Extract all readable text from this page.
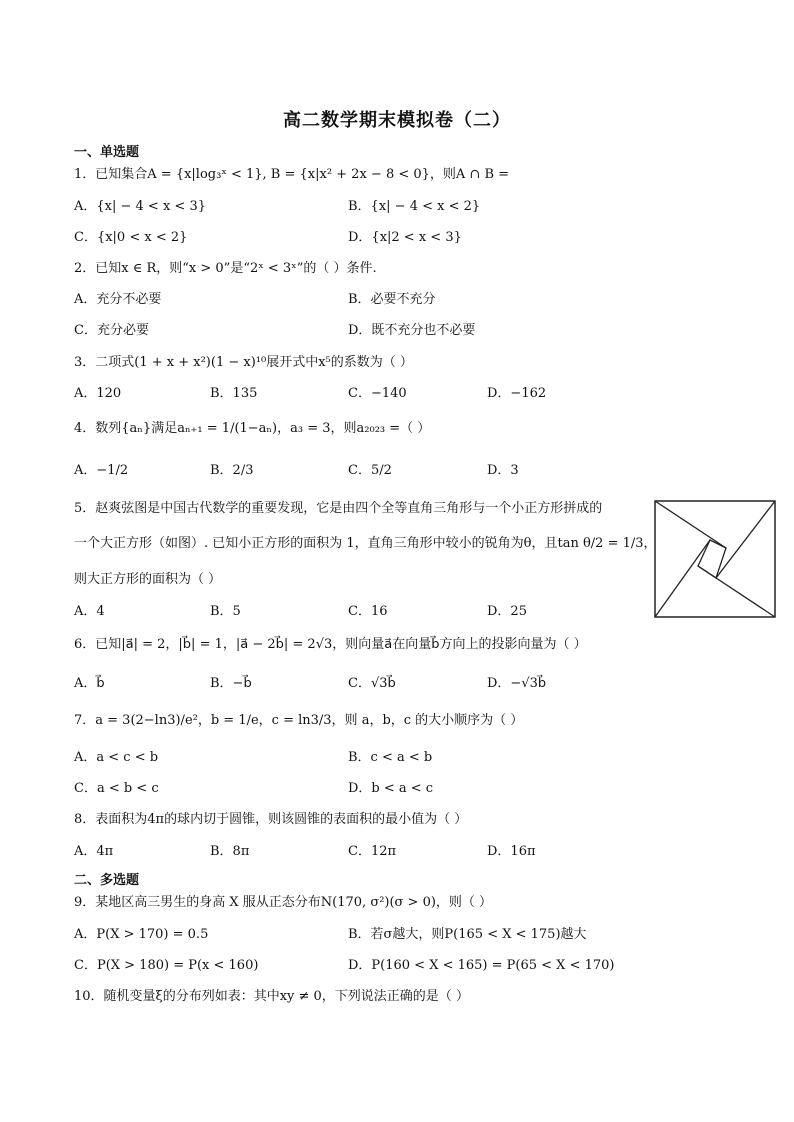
高二数学期末模拟卷（二）
一、单选题
1．已知集合A = {x|log₃ˣ < 1}, B = {x|x² + 2x − 8 < 0}，则A ∩ B =
A．{x| − 4 < x < 3}	B．{x| − 4 < x < 2}
C．{x|0 < x < 2}	D．{x|2 < x < 3}
2．已知x ∈ R，则“x > 0”是“2ˣ < 3ˣ”的（ ）条件.
A．充分不必要	B．必要不充分
C．充分必要	D．既不充分也不必要
3．二项式(1 + x + x²)(1 − x)¹⁰展开式中x⁵的系数为（ ）
A．120	B．135	C．−140	D．−162
4．数列{aₙ}满足aₙ₊₁ = 1/(1−aₙ)，a₃ = 3，则a₂₀₂₃ =（ ）
A．−1/2	B．2/3	C．5/2	D．3
5．赵爽弦图是中国古代数学的重要发现，它是由四个全等直角三角形与一个小正方形拼成的
一个大正方形（如图）. 已知小正方形的面积为 1，直角三角形中较小的锐角为θ，且tan θ/2 = 1/3，
则大正方形的面积为（ ）
A．4	B．5	C．16	D．25
6．已知|a⃗| = 2，|b⃗| = 1，|a⃗ − 2b⃗| = 2√3，则向量a⃗在向量b⃗方向上的投影向量为（ ）
A．b⃗	B．−b⃗	C．√3b⃗	D．−√3b⃗
7．a = 3(2−ln3)/e²，b = 1/e，c = ln3/3，则 a，b，c 的大小顺序为（ ）
A．a < c < b	B．c < a < b
C．a < b < c	D．b < a < c
8．表面积为4π的球内切于圆锥，则该圆锥的表面积的最小值为（ ）
A．4π	B．8π	C．12π	D．16π
二、多选题
9．某地区高三男生的身高 X 服从正态分布N(170, σ²)(σ > 0)，则（ ）
A．P(X > 170) = 0.5	B．若σ越大，则P(165 < X < 175)越大
C．P(X > 180) = P(x < 160)	D．P(160 < X < 165) = P(65 < X < 170)
10．随机变量ξ的分布列如表：其中xy ≠ 0，下列说法正确的是（ ）
